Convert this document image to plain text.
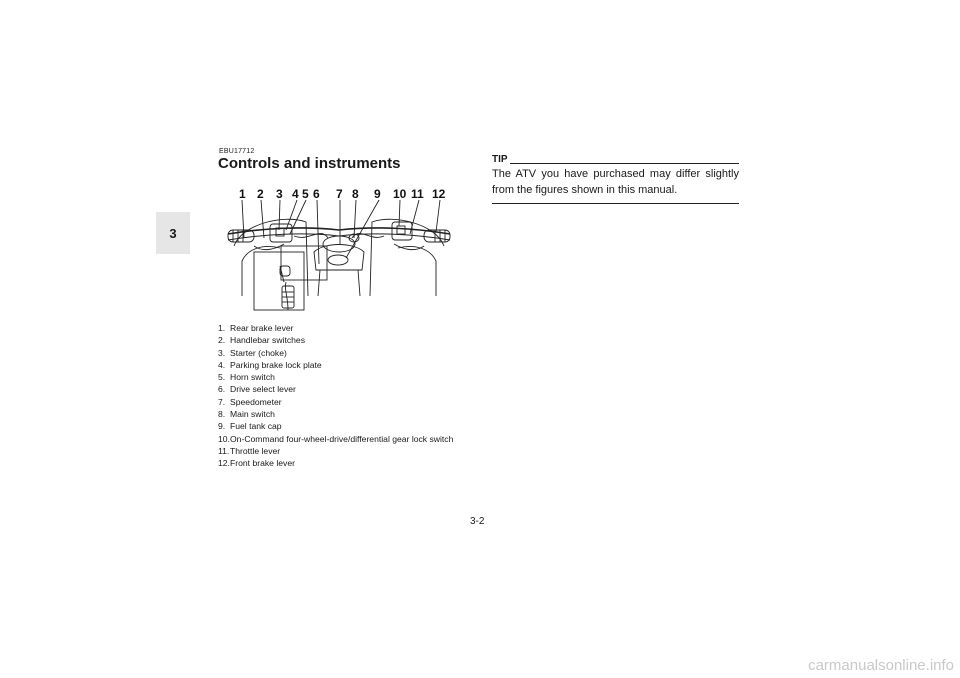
3
EBU17712
Controls and instruments
1 2 3 4 5 6 7 8 9 10 11 12
1. Rear brake lever
2. Handlebar switches
3. Starter (choke)
4. Parking brake lock plate
5. Horn switch
6. Drive select lever
7. Speedometer
8. Main switch
9. Fuel tank cap
10. On-Command four-wheel-drive/differential gear lock switch
11. Throttle lever
12. Front brake lever
TIP
The ATV you have purchased may differ slightly from the figures shown in this manual.
3-2
carmanualsonline.info
